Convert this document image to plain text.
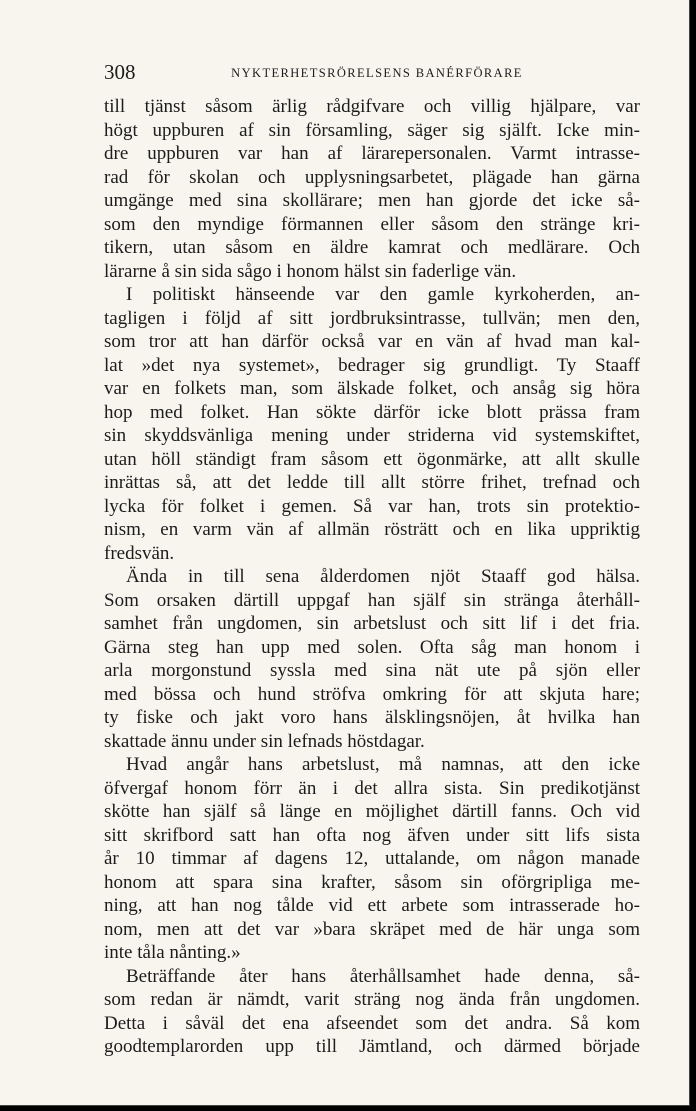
308	NYKTERHETSRÖRELSENS BANÉRFÖRARE
till tjänst såsom ärlig rådgifvare och villig hjälpare, var
högt uppburen af sin församling, säger sig själft. Icke min-
dre uppburen var han af lärarepersonalen. Varmt intrasse-
rad för skolan och upplysningsarbetet, plägade han gärna
umgänge med sina skollärare; men han gjorde det icke så-
som den myndige förmannen eller såsom den stränge kri-
tikern, utan såsom en äldre kamrat och medlärare. Och
lärarne å sin sida sågo i honom hälst sin faderlige vän.
I politiskt hänseende var den gamle kyrkoherden, an-
tagligen i följd af sitt jordbruksintrasse, tullvän; men den,
som tror att han därför också var en vän af hvad man kal-
lat »det nya systemet», bedrager sig grundligt. Ty Staaff
var en folkets man, som älskade folket, och ansåg sig höra
hop med folket. Han sökte därför icke blott prässa fram
sin skyddsvänliga mening under striderna vid systemskiftet,
utan höll ständigt fram såsom ett ögonmärke, att allt skulle
inrättas så, att det ledde till allt större frihet, trefnad och
lycka för folket i gemen. Så var han, trots sin protektio-
nism, en varm vän af allmän rösträtt och en lika uppriktig
fredsvän.
Ända in till sena ålderdomen njöt Staaff god hälsa.
Som orsaken därtill uppgaf han själf sin stränga återhåll-
samhet från ungdomen, sin arbetslust och sitt lif i det fria.
Gärna steg han upp med solen. Ofta såg man honom i
arla morgonstund syssla med sina nät ute på sjön eller
med bössa och hund ströfva omkring för att skjuta hare;
ty fiske och jakt voro hans älsklingsnöjen, åt hvilka han
skattade ännu under sin lefnads höstdagar.
Hvad angår hans arbetslust, må namnas, att den icke
öfvergaf honom förr än i det allra sista. Sin predikotjänst
skötte han själf så länge en möjlighet därtill fanns. Och vid
sitt skrifbord satt han ofta nog äfven under sitt lifs sista
år 10 timmar af dagens 12, uttalande, om någon manade
honom att spara sina krafter, såsom sin oförgripliga me-
ning, att han nog tålde vid ett arbete som intrasserade ho-
nom, men att det var »bara skräpet med de här unga som
inte tåla nånting.»
Beträffande åter hans återhållsamhet hade denna, så-
som redan är nämdt, varit sträng nog ända från ungdomen.
Detta i såväl det ena afseendet som det andra. Så kom
goodtemplarorden upp till Jämtland, och därmed började
